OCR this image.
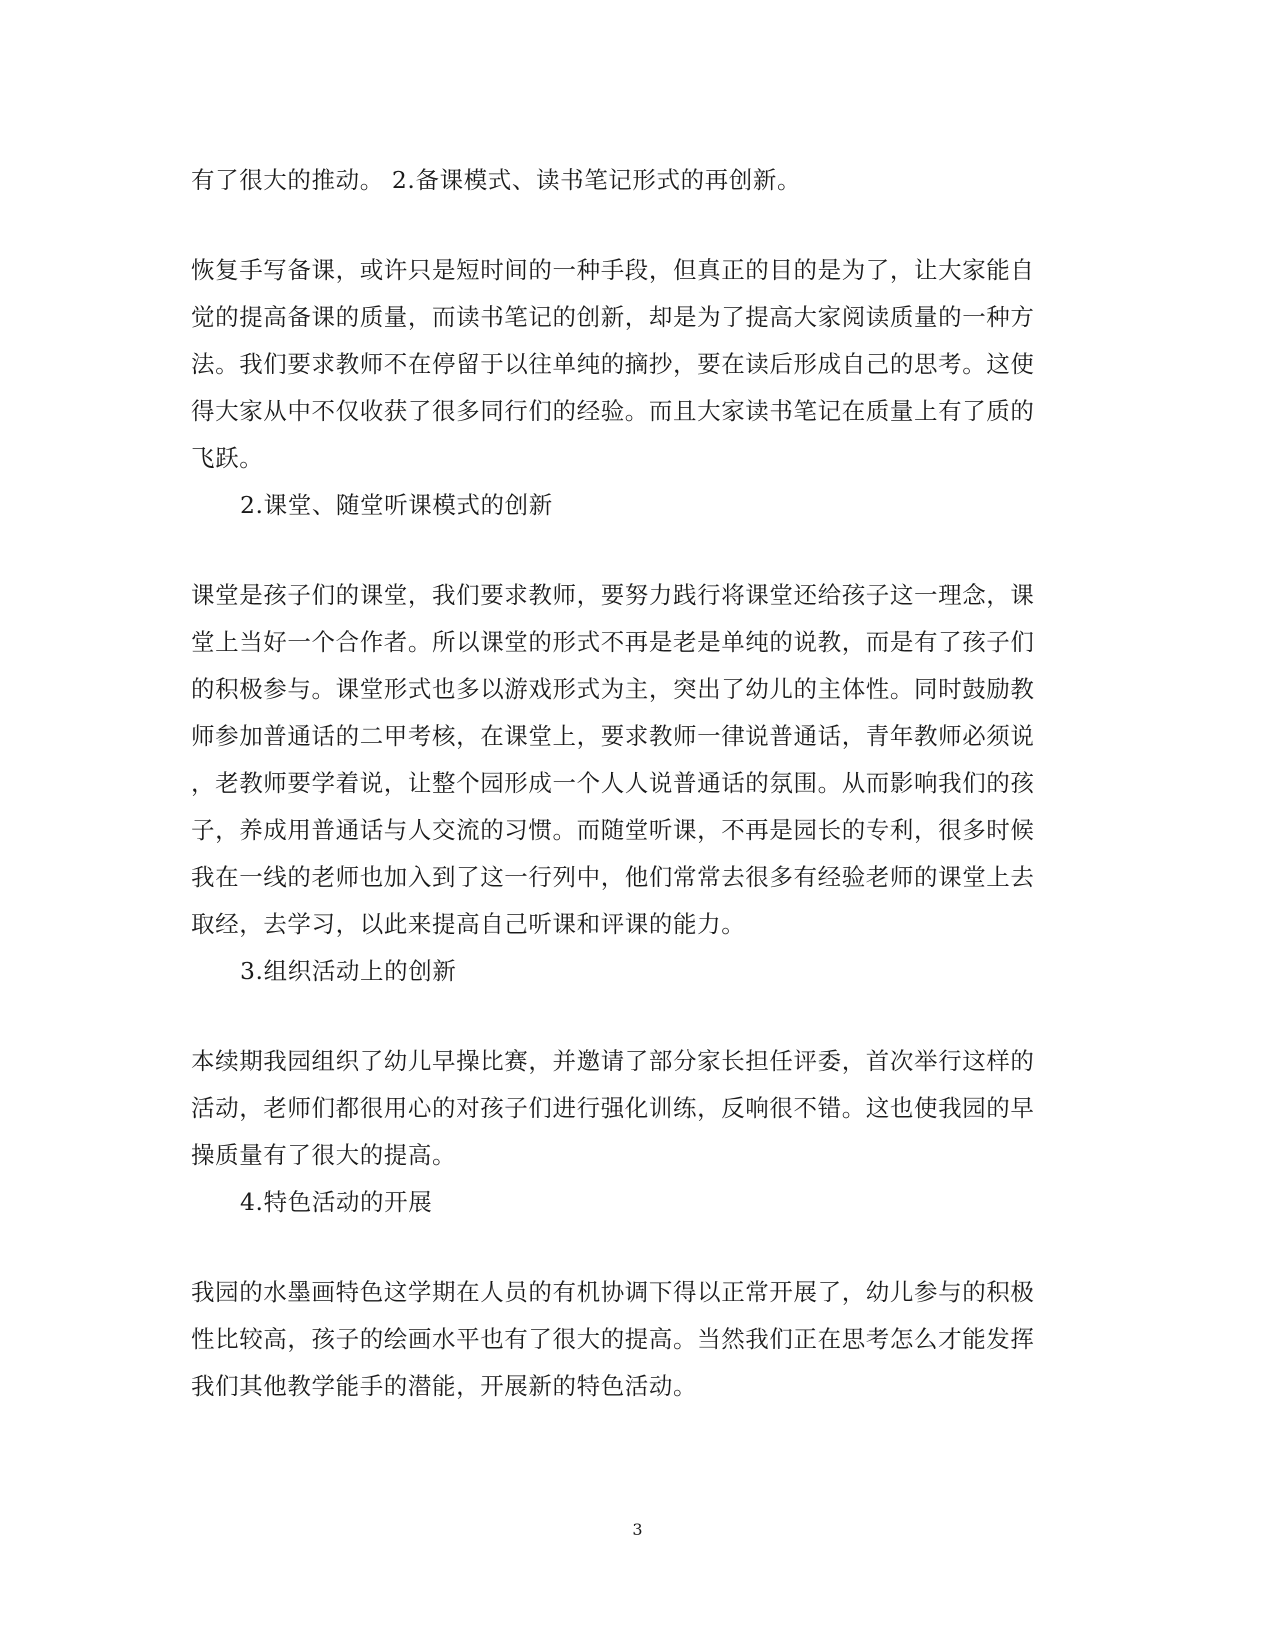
有了很大的推动。 2.备课模式、读书笔记形式的再创新。
恢复手写备课，或许只是短时间的一种手段，但真正的目的是为了，让大家能自
觉的提高备课的质量，而读书笔记的创新，却是为了提高大家阅读质量的一种方
法。我们要求教师不在停留于以往单纯的摘抄，要在读后形成自己的思考。这使
得大家从中不仅收获了很多同行们的经验。而且大家读书笔记在质量上有了质的
飞跃。
2.课堂、随堂听课模式的创新
课堂是孩子们的课堂，我们要求教师，要努力践行将课堂还给孩子这一理念，课
堂上当好一个合作者。所以课堂的形式不再是老是单纯的说教，而是有了孩子们
的积极参与。课堂形式也多以游戏形式为主，突出了幼儿的主体性。同时鼓励教
师参加普通话的二甲考核，在课堂上，要求教师一律说普通话，青年教师必须说
，老教师要学着说，让整个园形成一个人人说普通话的氛围。从而影响我们的孩
子，养成用普通话与人交流的习惯。而随堂听课，不再是园长的专利，很多时候
我在一线的老师也加入到了这一行列中，他们常常去很多有经验老师的课堂上去
取经，去学习，以此来提高自己听课和评课的能力。
3.组织活动上的创新
本续期我园组织了幼儿早操比赛，并邀请了部分家长担任评委，首次举行这样的
活动，老师们都很用心的对孩子们进行强化训练，反响很不错。这也使我园的早
操质量有了很大的提高。
4.特色活动的开展
我园的水墨画特色这学期在人员的有机协调下得以正常开展了，幼儿参与的积极
性比较高，孩子的绘画水平也有了很大的提高。当然我们正在思考怎么才能发挥
我们其他教学能手的潜能，开展新的特色活动。
3
